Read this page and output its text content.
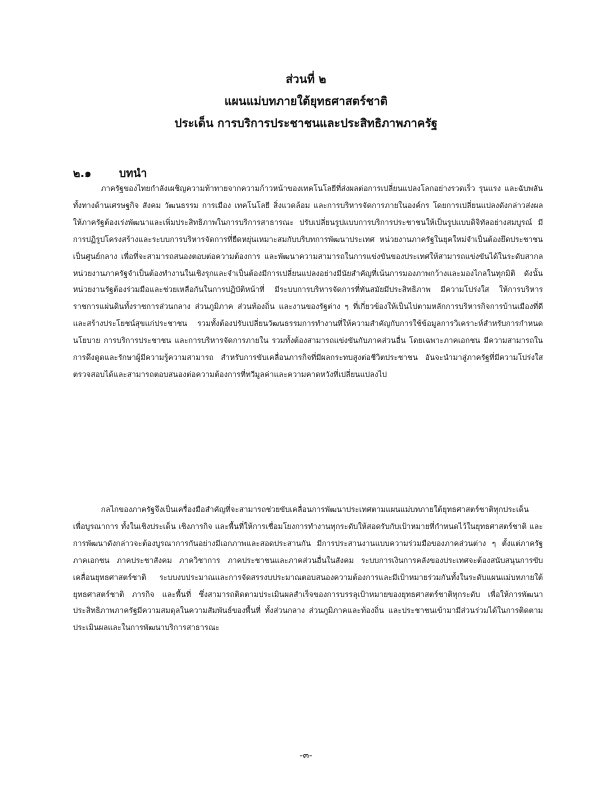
ส่วนที่ ๒
แผนแม่บทภายใต้ยุทธศาสตร์ชาติ
ประเด็น การบริการประชาชนและประสิทธิภาพภาครัฐ
๒.๑	บทนำ
ภาครัฐของไทยกำลังเผชิญความท้าทายจากความก้าวหน้าของเทคโนโลยีที่ส่งผลต่อการเปลี่ยนแปลงโลกอย่างรวดเร็ว รุนแรง และฉับพลัน ทั้งทางด้านเศรษฐกิจ สังคม วัฒนธรรม การเมือง เทคโนโลยี สิ่งแวดล้อม และการบริหารจัดการภายในองค์กร โดยการเปลี่ยนแปลงดังกล่าวส่งผลให้ภาครัฐต้องเร่งพัฒนาและเพิ่มประสิทธิภาพในการบริการสาธารณะ ปรับเปลี่ยนรูปแบบการบริการประชาชนให้เป็นรูปแบบดิจิทัลอย่างสมบูรณ์ มีการปฏิรูปโครงสร้างและระบบการบริหารจัดการที่ยืดหยุ่นเหมาะสมกับบริบทการพัฒนาประเทศ หน่วยงานภาครัฐในยุคใหม่จำเป็นต้องยึดประชาชนเป็นศูนย์กลาง เพื่อที่จะสามารถสนองตอบต่อความต้องการ และพัฒนาความสามารถในการแข่งขันของประเทศให้สามารถแข่งขันได้ในระดับสากล หน่วยงานภาครัฐจำเป็นต้องทำงานในเชิงรุกและจำเป็นต้องมีการเปลี่ยนแปลงอย่างมีนัยสำคัญที่เน้นการมองภาพกว้างและมองไกลในทุกมิติ ดังนั้น หน่วยงานรัฐต้องร่วมมือและช่วยเหลือกันในการปฏิบัติหน้าที่ มีระบบการบริหารจัดการที่ทันสมัยมีประสิทธิภาพ มีความโปร่งใส ให้การบริหารราชการแผ่นดินทั้งราชการส่วนกลาง ส่วนภูมิภาค ส่วนท้องถิ่น และงานของรัฐต่าง ๆ ที่เกี่ยวข้องให้เป็นไปตามหลักการบริหารกิจการบ้านเมืองที่ดี และสร้างประโยชน์สุขแก่ประชาชน รวมทั้งต้องปรับเปลี่ยนวัฒนธรรมการทำงานที่ให้ความสำคัญกับการใช้ข้อมูลการวิเคราะห์สำหรับการกำหนดนโยบาย การบริการประชาชน และการบริหารจัดการภายใน รวมทั้งต้องสามารถแข่งขันกับภาคส่วนอื่น โดยเฉพาะภาคเอกชน มีความสามารถในการดึงดูดและรักษาผู้มีความรู้ความสามารถ สำหรับการขับเคลื่อนภารกิจที่มีผลกระทบสูงต่อชีวิตประชาชน อันจะนำมาสู่ภาครัฐที่มีความโปร่งใส ตรวจสอบได้และสามารถตอบสนองต่อความต้องการที่ทวีมูลค่าและความคาดหวังที่เปลี่ยนแปลงไป
กลไกของภาครัฐจึงเป็นเครื่องมือสำคัญที่จะสามารถช่วยขับเคลื่อนการพัฒนาประเทศตามแผนแม่บทภายใต้ยุทธศาสตร์ชาติทุกประเด็น เพื่อบูรณาการ ทั้งในเชิงประเด็น เชิงภารกิจ และพื้นที่ให้การเชื่อมโยงการทำงานทุกระดับให้สอดรับกับเป้าหมายที่กำหนดไว้ในยุทธศาสตร์ชาติ และการพัฒนาดังกล่าวจะต้องบูรณาการกันอย่างมีเอกภาพและสอดประสานกัน มีการประสานงานแบบความร่วมมือของภาคส่วนต่าง ๆ ตั้งแต่ภาครัฐ ภาคเอกชน ภาคประชาสังคม ภาควิชาการ ภาคประชาชนและภาคส่วนอื่นในสังคม ระบบการเงินการคลังของประเทศจะต้องสนับสนุนการขับเคลื่อนยุทธศาสตร์ชาติ ระบบงบประมาณและการจัดสรรงบประมาณตอบสนองความต้องการและมีเป้าหมายร่วมกันทั้งในระดับแผนแม่บทภายใต้ยุทธศาสตร์ชาติ ภารกิจ และพื้นที่ ซึ่งสามารถติดตามประเมินผลสำเร็จของการบรรลุเป้าหมายของยุทธศาสตร์ชาติทุกระดับ เพื่อให้การพัฒนาประสิทธิภาพภาครัฐมีความสมดุลในความสัมพันธ์ของพื้นที่ ทั้งส่วนกลาง ส่วนภูมิภาคและท้องถิ่น และประชาชนเข้ามามีส่วนร่วมได้ในการติดตามประเมินผลและในการพัฒนาบริการสาธารณะ
-๓-
